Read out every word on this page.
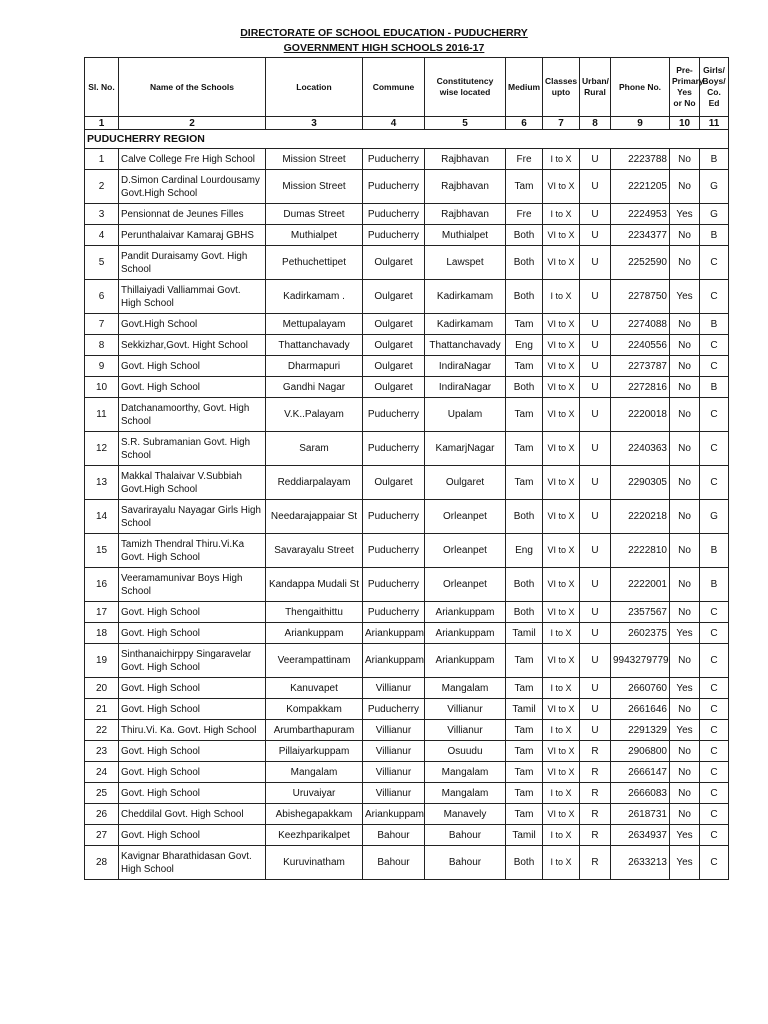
DIRECTORATE OF SCHOOL EDUCATION - PUDUCHERRY
GOVERNMENT HIGH SCHOOLS 2016-17
Sl. No.	Name of the Schools	Location	Commune	Constitutency wise located	Medium	Classes upto	Urban/ Rural	Phone No.	Pre-Primary Yes or No	Girls/ Boys/ Co. Ed
1	2	3	4	5	6	7	8	9	10	11
PUDUCHERRY REGION										
1	Calve College Fre High School	Mission Street	Puducherry	Rajbhavan	Fre	I to X	U	2223788	No	B
2	D.Simon Cardinal Lourdousamy Govt.High School	Mission Street	Puducherry	Rajbhavan	Tam	VI to X	U	2221205	No	G
3	Pensionnat de Jeunes Filles	Dumas Street	Puducherry	Rajbhavan	Fre	I to X	U	2224953	Yes	G
4	Perunthalaivar Kamaraj GBHS	Muthialpet	Puducherry	Muthialpet	Both	VI to X	U	2234377	No	B
5	Pandit Duraisamy Govt. High School	Pethuchettipet	Oulgaret	Lawspet	Both	VI to X	U	2252590	No	C
6	Thillaiyadi Valliammai Govt. High School	Kadirkamam .	Oulgaret	Kadirkamam	Both	I to X	U	2278750	Yes	C
7	Govt.High School	Mettupalayam	Oulgaret	Kadirkamam	Tam	VI to X	U	2274088	No	B
8	Sekkizhar,Govt. Hight School	Thattanchavady	Oulgaret	Thattanchavady	Eng	VI to X	U	2240556	No	C
9	Govt. High School	Dharmapuri	Oulgaret	IndiraNagar	Tam	VI to X	U	2273787	No	C
10	Govt. High School	Gandhi Nagar	Oulgaret	IndiraNagar	Both	VI to X	U	2272816	No	B
11	Datchanamoorthy, Govt. High School	V.K..Palayam	Puducherry	Upalam	Tam	VI to X	U	2220018	No	C
12	S.R. Subramanian Govt. High School	Saram	Puducherry	KamarjNagar	Tam	VI to X	U	2240363	No	C
13	Makkal Thalaivar V.Subbiah Govt.High School	Reddiarpalayam	Oulgaret	Oulgaret	Tam	VI to X	U	2290305	No	C
14	Savarirayalu Nayagar Girls High School	Needarajappaiar St	Puducherry	Orleanpet	Both	VI to X	U	2220218	No	G
15	Tamizh Thendral Thiru.Vi.Ka Govt. High School	Savarayalu Street	Puducherry	Orleanpet	Eng	VI to X	U	2222810	No	B
16	Veeramamunivar Boys High School	Kandappa Mudali St	Puducherry	Orleanpet	Both	VI to X	U	2222001	No	B
17	Govt. High School	Thengaithittu	Puducherry	Ariankuppam	Both	VI to X	U	2357567	No	C
18	Govt. High School	Ariankuppam	Ariankuppam	Ariankuppam	Tamil	I to X	U	2602375	Yes	C
19	Sinthanaichirppy Singaravelar Govt. High School	Veerampattinam	Ariankuppam	Ariankuppam	Tam	VI to X	U	9943279779	No	C
20	Govt. High School	Kanuvapet	Villianur	Mangalam	Tam	I to X	U	2660760	Yes	C
21	Govt. High School	Kompakkam	Puducherry	Villianur	Tamil	VI to X	U	2661646	No	C
22	Thiru.Vi. Ka. Govt. High School	Arumbarthapuram	Villianur	Villianur	Tam	I to X	U	2291329	Yes	C
23	Govt. High School	Pillaiyarkuppam	Villianur	Osuudu	Tam	VI to X	R	2906800	No	C
24	Govt. High School	Mangalam	Villianur	Mangalam	Tam	VI to X	R	2666147	No	C
25	Govt. High School	Uruvaiyar	Villianur	Mangalam	Tam	I to X	R	2666083	No	C
26	Cheddilal Govt. High School	Abishegapakkam	Ariankuppam	Manavely	Tam	VI to X	R	2618731	No	C
27	Govt. High School	Keezhparikalpet	Bahour	Bahour	Tamil	I to X	R	2634937	Yes	C
28	Kavignar Bharathidasan Govt. High School	Kuruvinatham	Bahour	Bahour	Both	I to X	R	2633213	Yes	C
